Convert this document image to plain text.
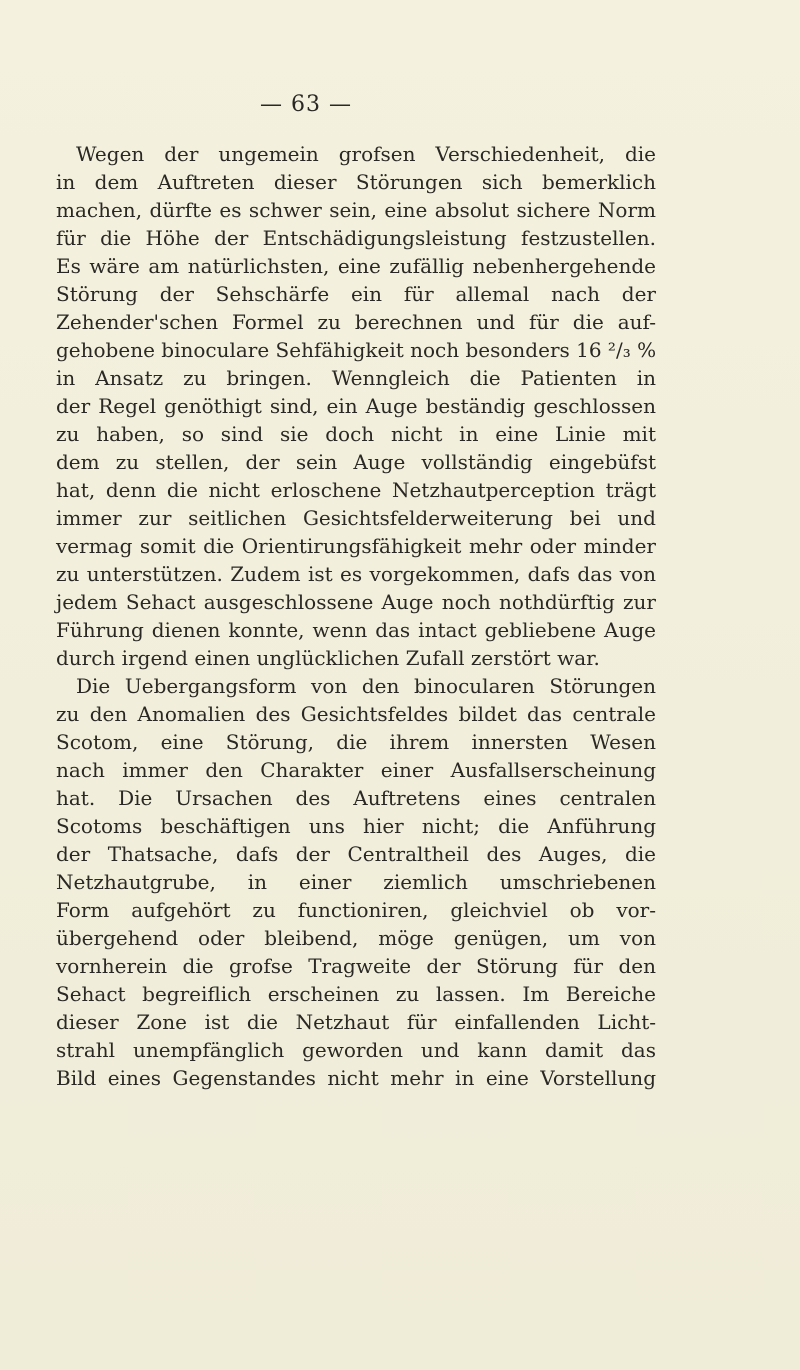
— 63 —
Wegen der ungemein grofsen Verschiedenheit, die
in dem Auftreten dieser Störungen sich bemerklich
machen, dürfte es schwer sein, eine absolut sichere Norm
für die Höhe der Entschädigungsleistung festzustellen.
Es wäre am natürlichsten, eine zufällig nebenhergehende
Störung der Sehschärfe ein für allemal nach der
Zehender'schen Formel zu berechnen und für die auf-
gehobene binoculare Sehfähigkeit noch besonders 16 ²/₃ %
in Ansatz zu bringen. Wenngleich die Patienten in
der Regel genöthigt sind, ein Auge beständig geschlossen
zu haben, so sind sie doch nicht in eine Linie mit
dem zu stellen, der sein Auge vollständig eingebüfst
hat, denn die nicht erloschene Netzhautperception trägt
immer zur seitlichen Gesichtsfelderweiterung bei und
vermag somit die Orientirungsfähigkeit mehr oder minder
zu unterstützen. Zudem ist es vorgekommen, dafs das von
jedem Sehact ausgeschlossene Auge noch nothdürftig zur
Führung dienen konnte, wenn das intact gebliebene Auge
durch irgend einen unglücklichen Zufall zerstört war.
Die Uebergangsform von den binocularen Störungen
zu den Anomalien des Gesichtsfeldes bildet das centrale
Scotom, eine Störung, die ihrem innersten Wesen
nach immer den Charakter einer Ausfallserscheinung
hat. Die Ursachen des Auftretens eines centralen
Scotoms beschäftigen uns hier nicht; die Anführung
der Thatsache, dafs der Centraltheil des Auges, die
Netzhautgrube, in einer ziemlich umschriebenen
Form aufgehört zu functioniren, gleichviel ob vor-
übergehend oder bleibend, möge genügen, um von
vornherein die grofse Tragweite der Störung für den
Sehact begreiflich erscheinen zu lassen. Im Bereiche
dieser Zone ist die Netzhaut für einfallenden Licht-
strahl unempfänglich geworden und kann damit das
Bild eines Gegenstandes nicht mehr in eine Vorstellung
